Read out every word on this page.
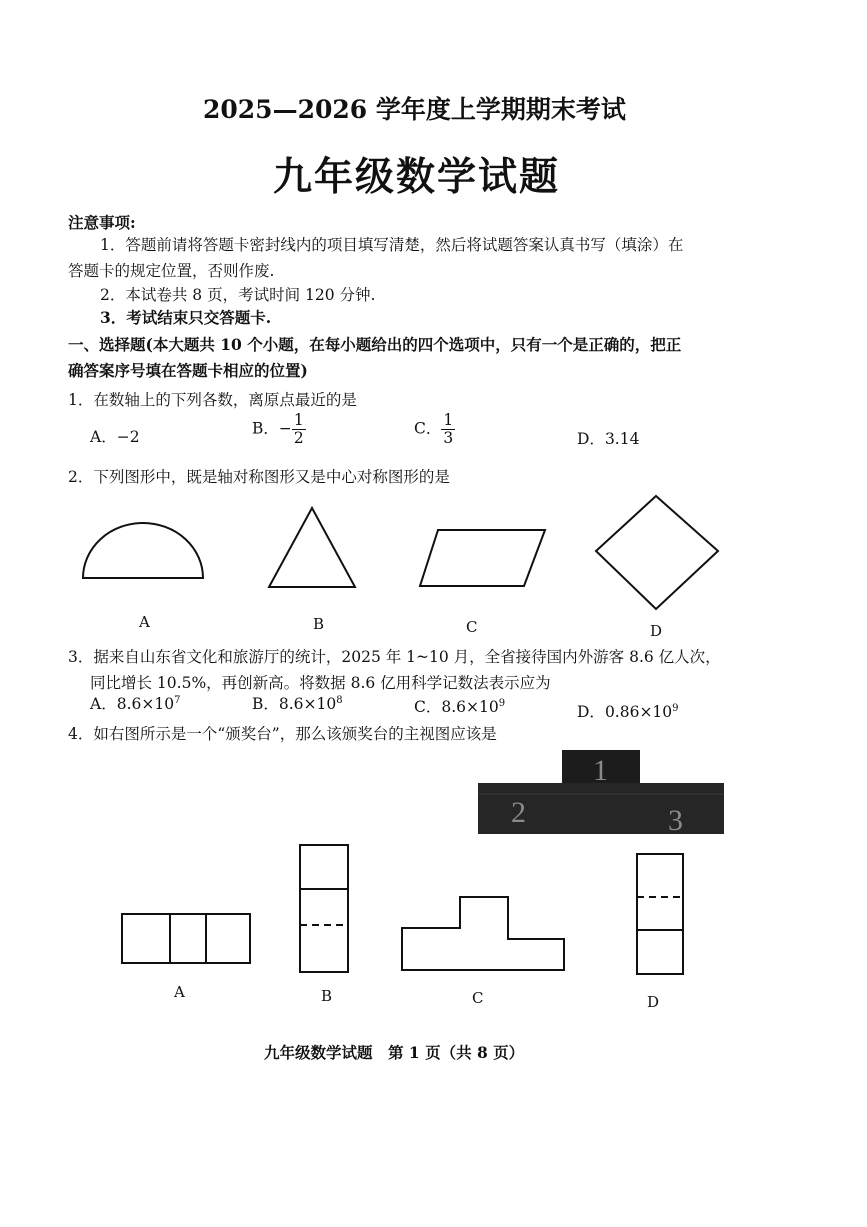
2025—2026 学年度上学期期末考试
九年级数学试题
注意事项:
1．答题前请将答题卡密封线内的项目填写清楚，然后将试题答案认真书写（填涂）在
答题卡的规定位置，否则作废.
2．本试卷共 8 页，考试时间 120 分钟.
3．考试结束只交答题卡.
一、选择题(本大题共 10 个小题，在每小题给出的四个选项中，只有一个是正确的，把正
确答案序号填在答题卡相应的位置)
1．在数轴上的下列各数，离原点最近的是
A．−2	B．− $\frac{1}{2}$	C． $\frac{1}{3}$	D．3.14
2．下列图形中，既是轴对称图形又是中心对称图形的是
A	B	C	D
3．据来自山东省文化和旅游厅的统计，2025 年 1~10 月，全省接待国内外游客 8.6 亿人次，
同比增长 10.5%，再创新高。将数据 8.6 亿用科学记数法表示应为
A．$8.6\times 10^7$	B．$8.6\times 10^8$	C．$8.6\times 10^9$	D．$0.86\times 10^9$
4．如右图所示是一个“颁奖台”，那么该颁奖台的主视图应该是
1
2	3
A	B	C	D
九年级数学试题　第 1 页（共 8 页）
